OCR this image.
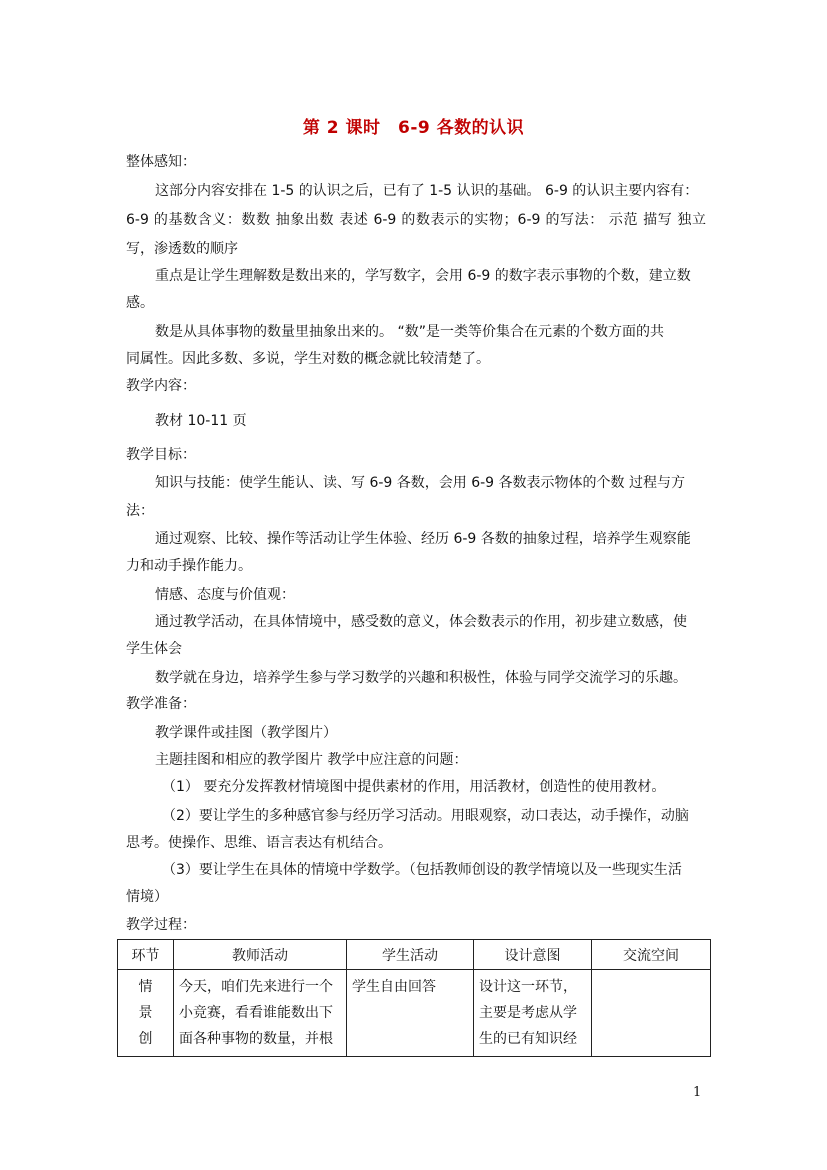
第 2 课时　6-9 各数的认识
整体感知：
这部分内容安排在 1-5 的认识之后，已有了 1-5 认识的基础。 6-9 的认识主要内容有：
6-9 的基数含义：数数 抽象出数 表述 6-9 的数表示的实物；6-9 的写法： 示范 描写 独立
写，渗透数的顺序
重点是让学生理解数是数出来的，学写数字，会用 6-9 的数字表示事物的个数，建立数
感。
数是从具体事物的数量里抽象出来的。 “数”是一类等价集合在元素的个数方面的共
同属性。因此多数、多说，学生对数的概念就比较清楚了。
教学内容：
教材 10-11 页
教学目标：
知识与技能：使学生能认、读、写 6-9 各数，会用 6-9 各数表示物体的个数 过程与方
法：
通过观察、比较、操作等活动让学生体验、经历 6-9 各数的抽象过程，培养学生观察能
力和动手操作能力。
情感、态度与价值观：
通过教学活动，在具体情境中，感受数的意义，体会数表示的作用，初步建立数感，使
学生体会
数学就在身边，培养学生参与学习数学的兴趣和积极性，体验与同学交流学习的乐趣。
教学准备：
教学课件或挂图（教学图片）
主题挂图和相应的教学图片 教学中应注意的问题：
（1） 要充分发挥教材情境图中提供素材的作用，用活教材，创造性的使用教材。
（2）要让学生的多种感官参与经历学习活动。用眼观察，动口表达，动手操作，动脑
思考。使操作、思维、语言表达有机结合。
（3）要让学生在具体的情境中学数学。（包括教师创设的教学情境以及一些现实生活
情境）
教学过程：
环节	教师活动	学生活动	设计意图	交流空间

情
景
创	今天，咱们先来进行一个小竞赛，看看谁能数出下面各种事物的数量，并根	学生自由回答	设计这一环节，主要是考虑从学生的已有知识经	
1
